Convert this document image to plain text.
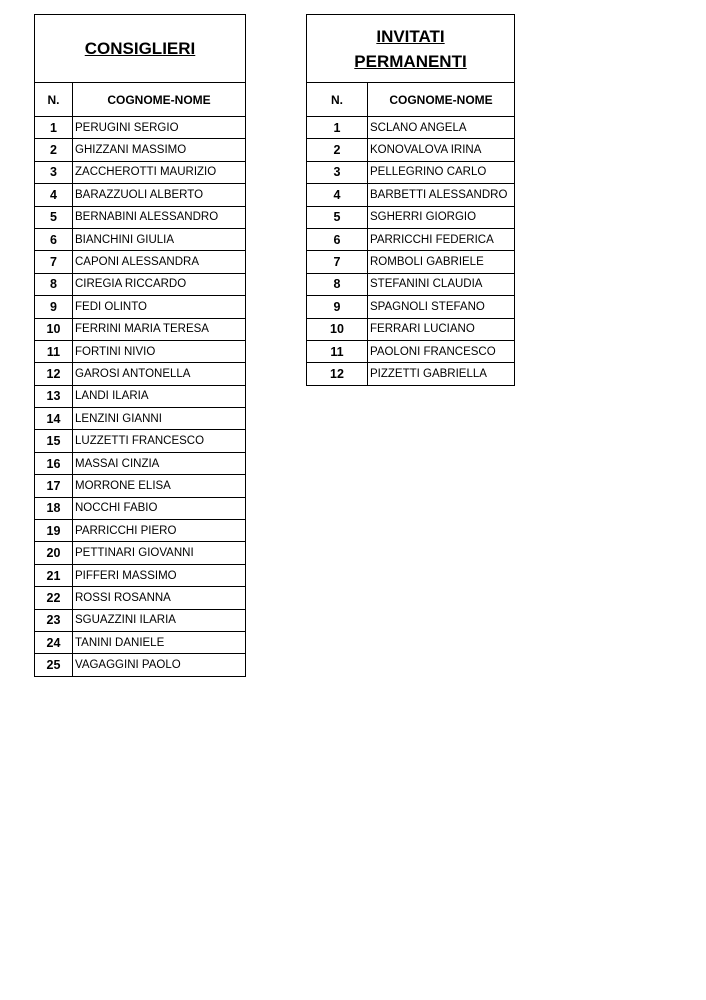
CONSIGLIERI	

N.	COGNOME-NOME
1	PERUGINI SERGIO
2	GHIZZANI MASSIMO
3	ZACCHEROTTI MAURIZIO
4	BARAZZUOLI ALBERTO
5	BERNABINI ALESSANDRO
6	BIANCHINI GIULIA
7	CAPONI ALESSANDRA
8	CIREGIA RICCARDO
9	FEDI OLINTO
10	FERRINI MARIA TERESA
11	FORTINI NIVIO
12	GAROSI ANTONELLA
13	LANDI ILARIA
14	LENZINI GIANNI
15	LUZZETTI FRANCESCO
16	MASSAI CINZIA
17	MORRONE ELISA
18	NOCCHI FABIO
19	PARRICCHI PIERO
20	PETTINARI GIOVANNI
21	PIFFERI MASSIMO
22	ROSSI ROSANNA
23	SGUAZZINI ILARIA
24	TANINI DANIELE
25	VAGAGGINI PAOLO
INVITATI
PERMANENTI	

N.	COGNOME-NOME
1	SCLANO ANGELA
2	KONOVALOVA IRINA
3	PELLEGRINO CARLO
4	BARBETTI ALESSANDRO
5	SGHERRI GIORGIO
6	PARRICCHI FEDERICA
7	ROMBOLI GABRIELE
8	STEFANINI CLAUDIA
9	SPAGNOLI STEFANO
10	FERRARI LUCIANO
11	PAOLONI FRANCESCO
12	PIZZETTI GABRIELLA
